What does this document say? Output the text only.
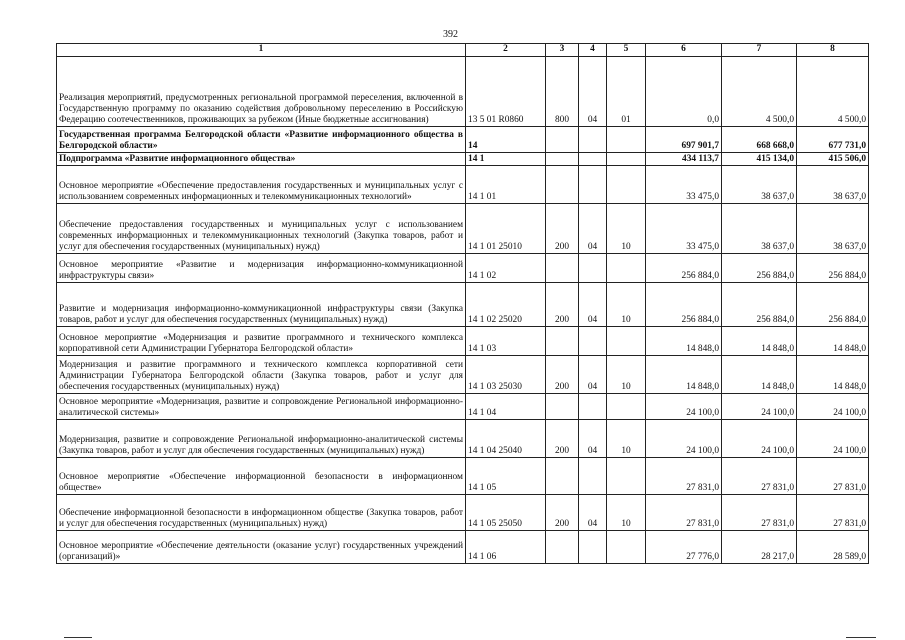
392
1	2	3	4	5	6	7	8
Реализация мероприятий, предусмотренных региональной программой переселения, включенной в Государственную программу по оказанию содействия добровольному переселению в Российскую Федерацию соотечественников, проживающих за рубежом (Иные бюджетные ассигнования)	13 5 01 R0860	800	04	01	0,0	4 500,0	4 500,0
Государственная программа Белгородской области «Развитие информационного общества в Белгородской области»	14				697 901,7	668 668,0	677 731,0
Подпрограмма «Развитие информационного общества»	14 1				434 113,7	415 134,0	415 506,0
Основное мероприятие «Обеспечение предоставления государственных и муниципальных услуг с использованием современных информационных и телекоммуникационных технологий»	14 1 01				33 475,0	38 637,0	38 637,0
Обеспечение предоставления государственных и муниципальных услуг с использованием современных информационных и телекоммуникационных технологий (Закупка товаров, работ и услуг для обеспечения государственных (муниципальных) нужд)	14 1 01 25010	200	04	10	33 475,0	38 637,0	38 637,0
Основное мероприятие «Развитие и модернизация информационно-коммуникационной инфраструктуры связи»	14 1 02				256 884,0	256 884,0	256 884,0
Развитие и модернизация информационно-коммуникационной инфраструктуры связи (Закупка товаров, работ и услуг для обеспечения государственных (муниципальных) нужд)	14 1 02 25020	200	04	10	256 884,0	256 884,0	256 884,0
Основное мероприятие «Модернизация и развитие программного и технического комплекса корпоративной сети Администрации Губернатора Белгородской области»	14 1 03				14 848,0	14 848,0	14 848,0
Модернизация и развитие программного и технического комплекса корпоративной сети Администрации Губернатора Белгородской области (Закупка товаров, работ и услуг для обеспечения государственных (муниципальных) нужд)	14 1 03 25030	200	04	10	14 848,0	14 848,0	14 848,0
Основное мероприятие «Модернизация, развитие и сопровождение Региональной информационно-аналитической системы»	14 1 04				24 100,0	24 100,0	24 100,0
Модернизация, развитие и сопровождение Региональной информационно-аналитической системы (Закупка товаров, работ и услуг для обеспечения государственных (муниципальных) нужд)	14 1 04 25040	200	04	10	24 100,0	24 100,0	24 100,0
Основное мероприятие «Обеспечение информационной безопасности в информационном обществе»	14 1 05				27 831,0	27 831,0	27 831,0
Обеспечение информационной безопасности в информационном обществе (Закупка товаров, работ и услуг для обеспечения государственных (муниципальных) нужд)	14 1 05 25050	200	04	10	27 831,0	27 831,0	27 831,0
Основное мероприятие «Обеспечение деятельности (оказание услуг) государственных учреждений (организаций)»	14 1 06				27 776,0	28 217,0	28 589,0
